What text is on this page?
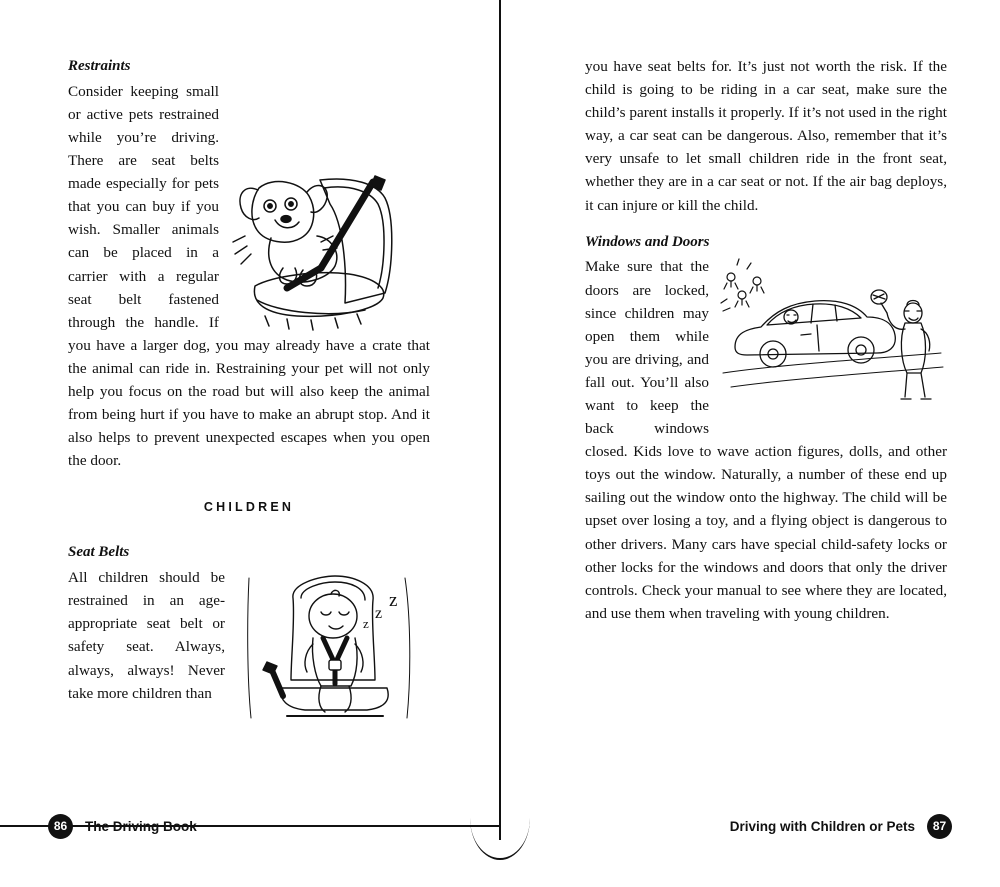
Restraints

Consider keeping small or active pets restrained while you’re driving. There are seat belts made especially for pets that you can buy if you wish. Smaller animals can be placed in a carrier with a regular seat belt fastened through the handle. If you have a larger dog, you may already have a crate that the animal can ride in. Restraining your pet will not only help you focus on the road but will also keep the animal from being hurt if you have to make an abrupt stop. And it also helps to prevent unexpected escapes when you open the door.

CHILDREN
Seat Belts
z
z
z

All children should be restrained in an age-appropriate seat belt or safety seat. Always, always, always! Never take more children than

86	The Driving Book

you have seat belts for. It’s just not worth the risk. If the child is going to be riding in a car seat, make sure the child’s parent installs it properly. If it’s not used in the right way, a car seat can be dangerous. Also, remember that it’s very unsafe to let small children ride in the front seat, whether they are in a car seat or not. If the air bag deploys, it can injure or kill the child.

Windows and Doors

Make sure that the doors are locked, since children may open them while you are driving, and fall out. You’ll also want to keep the back windows closed. Kids love to wave action figures, dolls, and other toys out the window. Naturally, a number of these end up sailing out the window onto the highway. The child will be upset over losing a toy, and a flying object is dangerous to other drivers. Many cars have special child-safety locks or other locks for the windows and doors that only the driver controls. Check your manual to see where they are located, and use them when traveling with young children.

Driving with Children or Pets	87
